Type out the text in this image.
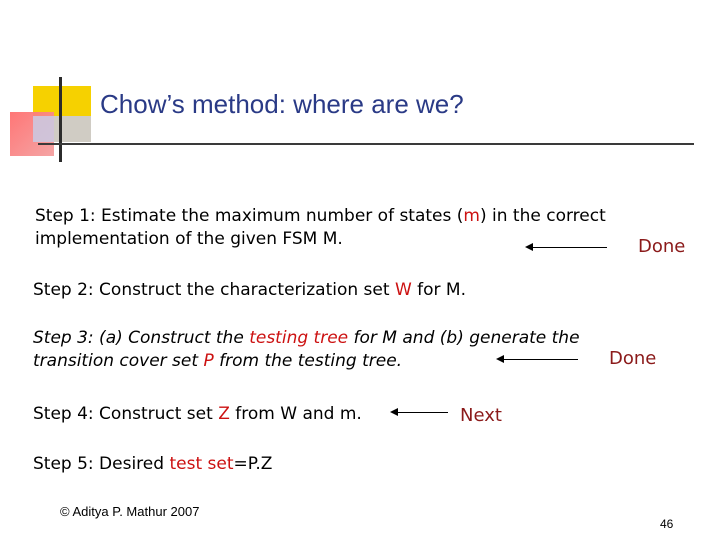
Chow’s method: where are we?
Step 1: Estimate the maximum number of states (m) in the correct
implementation of the given FSM M.	Done
Step 2: Construct the characterization set W for M.
Step 3: (a) Construct the testing tree for M and (b) generate the
transition cover set P from the testing tree.	Done
Step 4: Construct set Z from W and m.	Next
Step 5: Desired test set=P.Z
© Aditya P. Mathur 2007
46
